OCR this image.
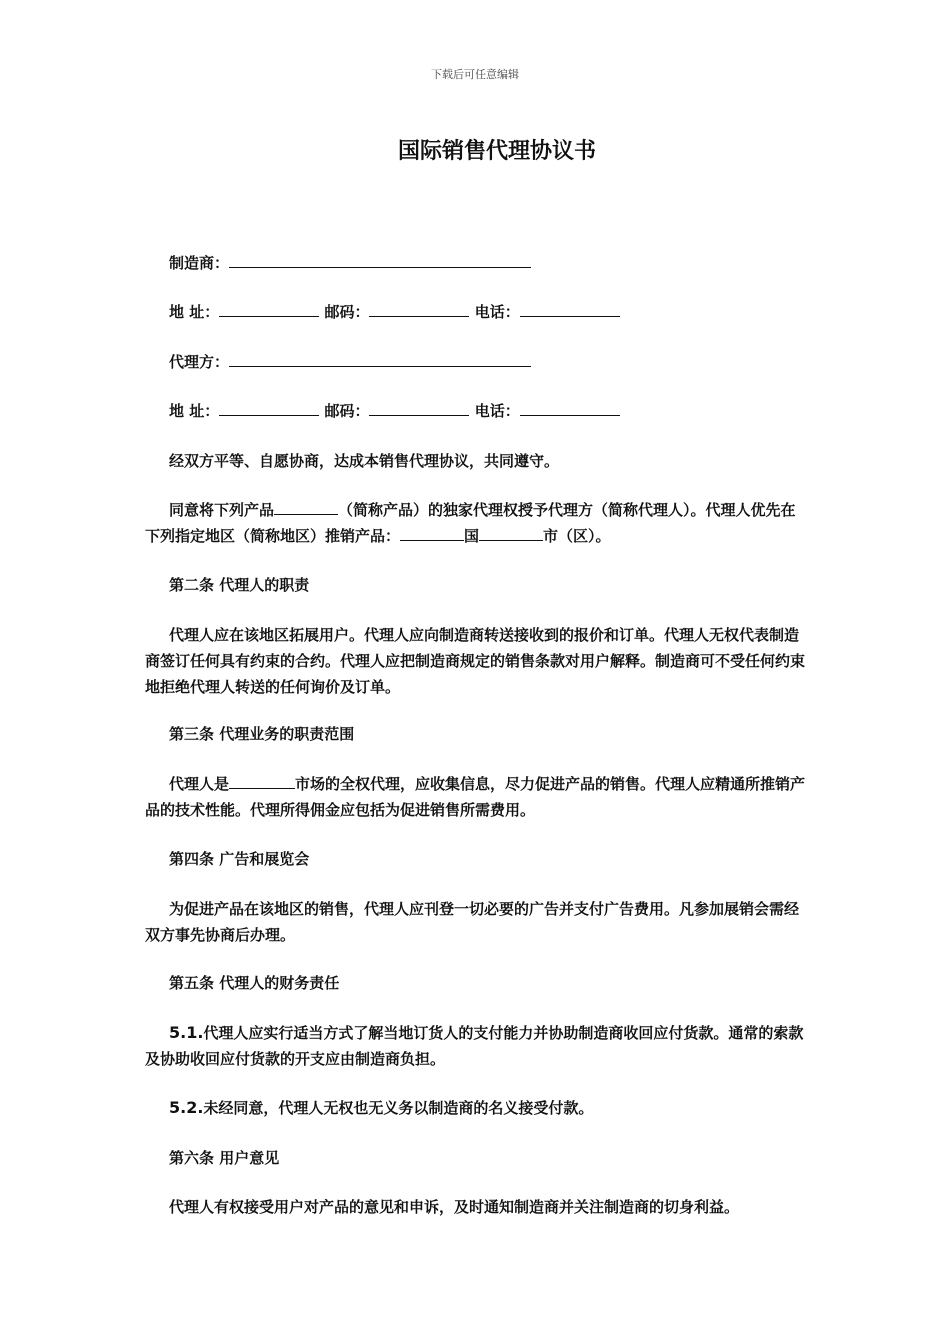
下载后可任意编辑
国际销售代理协议书
制造商：
地 址：	邮码：	电话：
代理方：
地 址：	邮码：	电话：
经双方平等、自愿协商，达成本销售代理协议，共同遵守。
同意将下列产品	（简称产品）的独家代理权授予代理方（简称代理人）。代理人优先在下列指定地区（简称地区）推销产品：	国	市（区）。
第二条 代理人的职责
代理人应在该地区拓展用户。代理人应向制造商转送接收到的报价和订单。代理人无权代表制造商签订任何具有约束的合约。代理人应把制造商规定的销售条款对用户解释。制造商可不受任何约束地拒绝代理人转送的任何询价及订单。
第三条 代理业务的职责范围
代理人是	市场的全权代理，应收集信息，尽力促进产品的销售。代理人应精通所推销产品的技术性能。代理所得佣金应包括为促进销售所需费用。
第四条 广告和展览会
为促进产品在该地区的销售，代理人应刊登一切必要的广告并支付广告费用。凡参加展销会需经双方事先协商后办理。
第五条 代理人的财务责任
5.1.代理人应实行适当方式了解当地订货人的支付能力并协助制造商收回应付货款。通常的索款及协助收回应付货款的开支应由制造商负担。
5.2.未经同意，代理人无权也无义务以制造商的名义接受付款。
第六条 用户意见
代理人有权接受用户对产品的意见和申诉，及时通知制造商并关注制造商的切身利益。
